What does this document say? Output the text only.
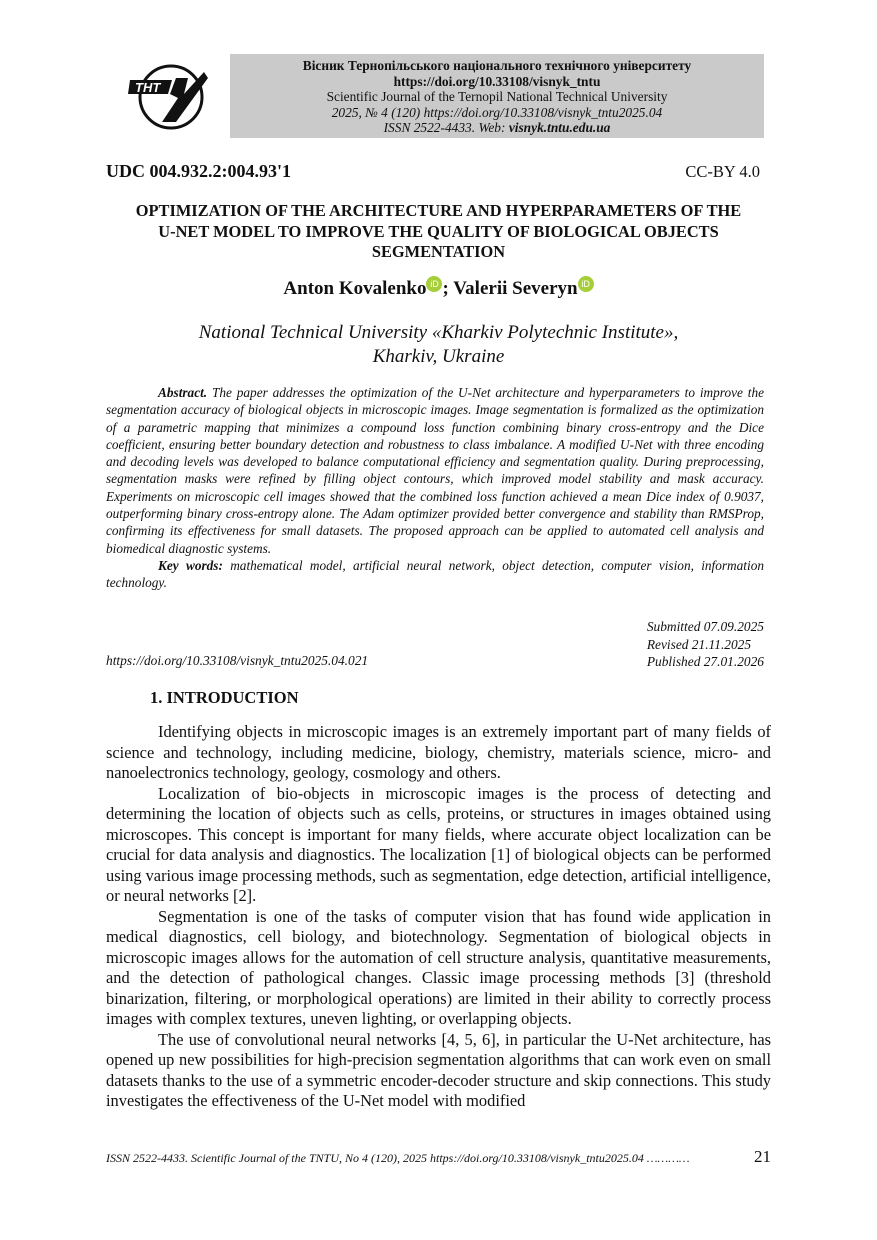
ТНТ
Вісник Тернопільського національного технічного університету
https://doi.org/10.33108/visnyk_tntu
Scientific Journal of the Ternopil National Technical University
2025, № 4 (120) https://doi.org/10.33108/visnyk_tntu2025.04
ISSN 2522-4433. Web: visnyk.tntu.edu.ua
UDC 004.932.2:004.93'1	CC-BY 4.0
OPTIMIZATION OF THE ARCHITECTURE AND HYPERPARAMETERS OF THE
U-NET MODEL TO IMPROVE THE QUALITY OF BIOLOGICAL OBJECTS
SEGMENTATION
Anton Kovalenko iD ; Valerii Severyn iD
National Technical University «Kharkiv Polytechnic Institute»,
Kharkiv, Ukraine

Abstract. The paper addresses the optimization of the U-Net architecture and hyperparameters to improve the segmentation accuracy of biological objects in microscopic images. Image segmentation is formalized as the optimization of a parametric mapping that minimizes a compound loss function combining binary cross-entropy and the Dice coefficient, ensuring better boundary detection and robustness to class imbalance. A modified U-Net with three encoding and decoding levels was developed to balance computational efficiency and segmentation quality. During preprocessing, segmentation masks were refined by filling object contours, which improved model stability and mask accuracy. Experiments on microscopic cell images showed that the combined loss function achieved a mean Dice index of 0.9037, outperforming binary cross-entropy alone. The Adam optimizer provided better convergence and stability than RMSProp, confirming its effectiveness for small datasets. The proposed approach can be applied to automated cell analysis and biomedical diagnostic systems.

Key words: mathematical model, artificial neural network, object detection, computer vision, information technology.

Submitted 07.09.2025
Revised 21.11.2025
Published 27.01.2026
https://doi.org/10.33108/visnyk_tntu2025.04.021
1. INTRODUCTION

Identifying objects in microscopic images is an extremely important part of many fields of science and technology, including medicine, biology, chemistry, materials science, micro- and nanoelectronics technology, geology, cosmology and others.

Localization of bio-objects in microscopic images is the process of detecting and determining the location of objects such as cells, proteins, or structures in images obtained using microscopes. This concept is important for many fields, where accurate object localization can be crucial for data analysis and diagnostics. The localization [1] of biological objects can be performed using various image processing methods, such as segmentation, edge detection, artificial intelligence, or neural networks [2].

Segmentation is one of the tasks of computer vision that has found wide application in medical diagnostics, cell biology, and biotechnology. Segmentation of biological objects in microscopic images allows for the automation of cell structure analysis, quantitative measurements, and the detection of pathological changes. Classic image processing methods [3] (threshold binarization, filtering, or morphological operations) are limited in their ability to correctly process images with complex textures, uneven lighting, or overlapping objects.

The use of convolutional neural networks [4, 5, 6], in particular the U-Net architecture, has opened up new possibilities for high-precision segmentation algorithms that can work even on small datasets thanks to the use of a symmetric encoder-decoder structure and skip connections. This study investigates the effectiveness of the U-Net model with modified

ISSN 2522-4433. Scientific Journal of the TNTU, No 4 (120), 2025 https://doi.org/10.33108/visnyk_tntu2025.04 …………	21
